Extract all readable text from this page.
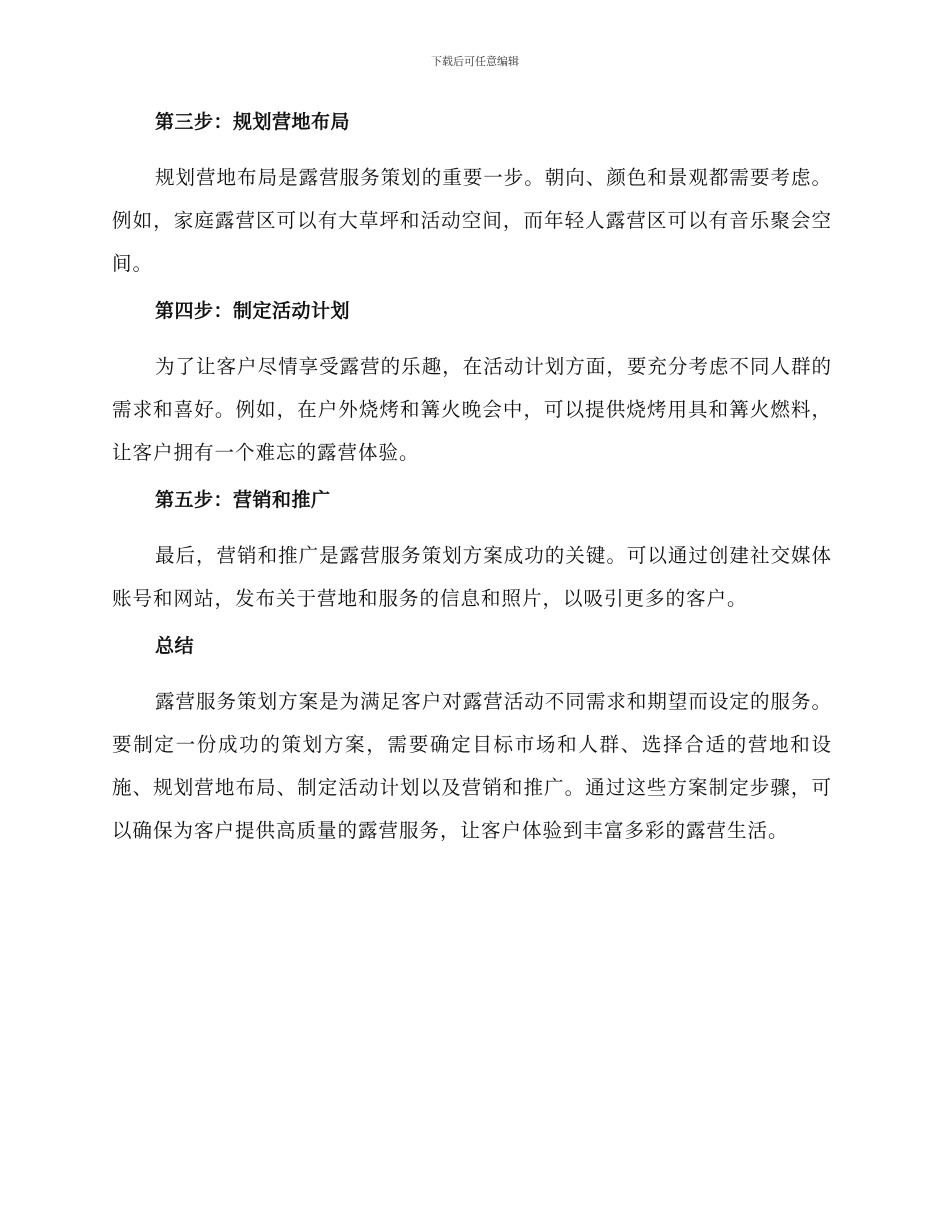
下载后可任意编辑
第三步：规划营地布局

规划营地布局是露营服务策划的重要一步。朝向、颜色和景观都需要考虑。例如，家庭露营区可以有大草坪和活动空间，而年轻人露营区可以有音乐聚会空间。

第四步：制定活动计划

为了让客户尽情享受露营的乐趣，在活动计划方面，要充分考虑不同人群的需求和喜好。例如，在户外烧烤和篝火晚会中，可以提供烧烤用具和篝火燃料，让客户拥有一个难忘的露营体验。

第五步：营销和推广

最后，营销和推广是露营服务策划方案成功的关键。可以通过创建社交媒体账号和网站，发布关于营地和服务的信息和照片，以吸引更多的客户。

总结

露营服务策划方案是为满足客户对露营活动不同需求和期望而设定的服务。要制定一份成功的策划方案，需要确定目标市场和人群、选择合适的营地和设施、规划营地布局、制定活动计划以及营销和推广。通过这些方案制定步骤，可以确保为客户提供高质量的露营服务，让客户体验到丰富多彩的露营生活。
